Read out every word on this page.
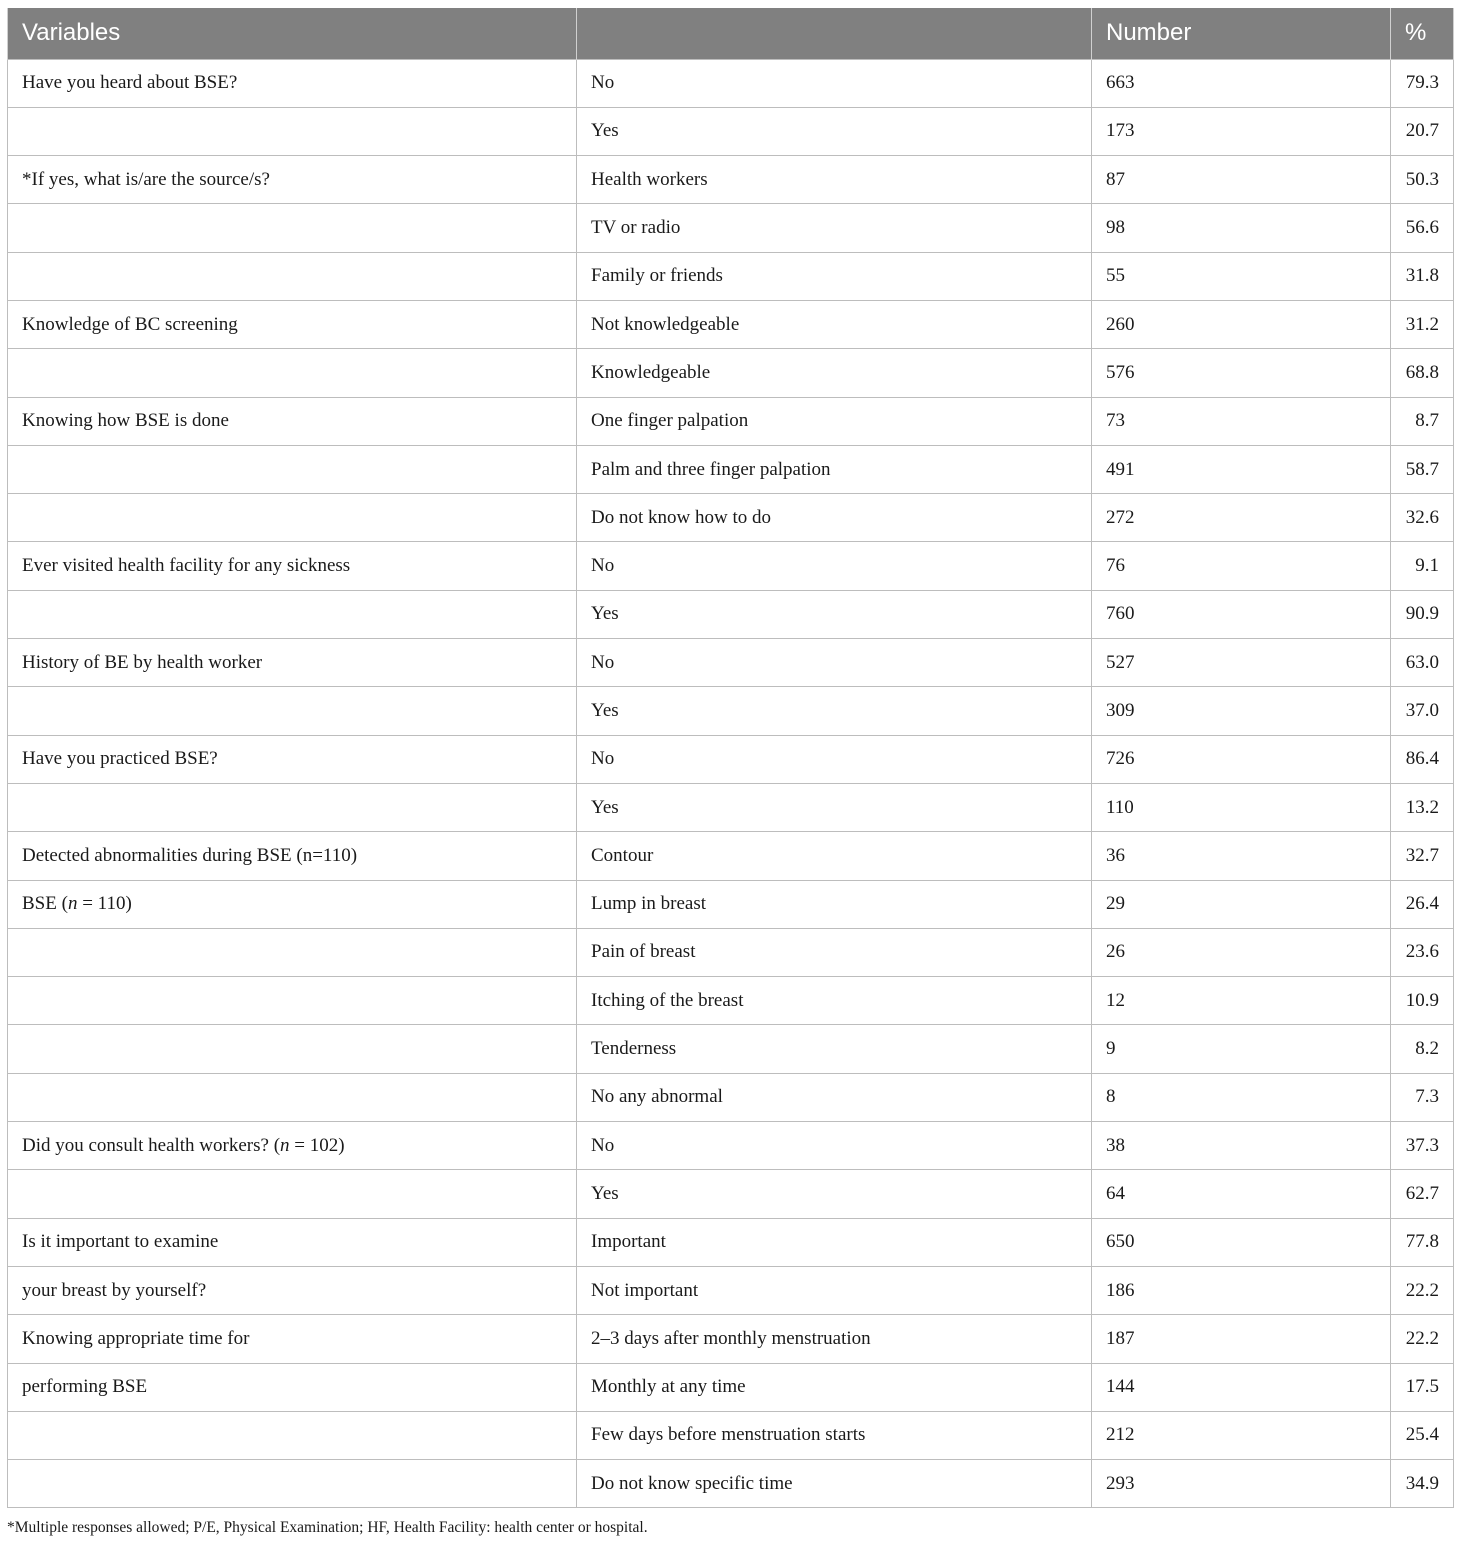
Variables		Number	%
Have you heard about BSE?	No	663	79.3
	Yes	173	20.7
*If yes, what is/are the source/s?	Health workers	87	50.3
	TV or radio	98	56.6
	Family or friends	55	31.8
Knowledge of BC screening	Not knowledgeable	260	31.2
	Knowledgeable	576	68.8
Knowing how BSE is done	One finger palpation	73	8.7
	Palm and three finger palpation	491	58.7
	Do not know how to do	272	32.6
Ever visited health facility for any sickness	No	76	9.1
	Yes	760	90.9
History of BE by health worker	No	527	63.0
	Yes	309	37.0
Have you practiced BSE?	No	726	86.4
	Yes	110	13.2
Detected abnormalities during BSE (n=110)	Contour	36	32.7
BSE (n = 110)	Lump in breast	29	26.4
	Pain of breast	26	23.6
	Itching of the breast	12	10.9
	Tenderness	9	8.2
	No any abnormal	8	7.3
Did you consult health workers? (n = 102)	No	38	37.3
	Yes	64	62.7
Is it important to examine	Important	650	77.8
your breast by yourself?	Not important	186	22.2
Knowing appropriate time for	2–3 days after monthly menstruation	187	22.2
performing BSE	Monthly at any time	144	17.5
	Few days before menstruation starts	212	25.4
	Do not know specific time	293	34.9
*Multiple responses allowed; P/E, Physical Examination; HF, Health Facility: health center or hospital.
